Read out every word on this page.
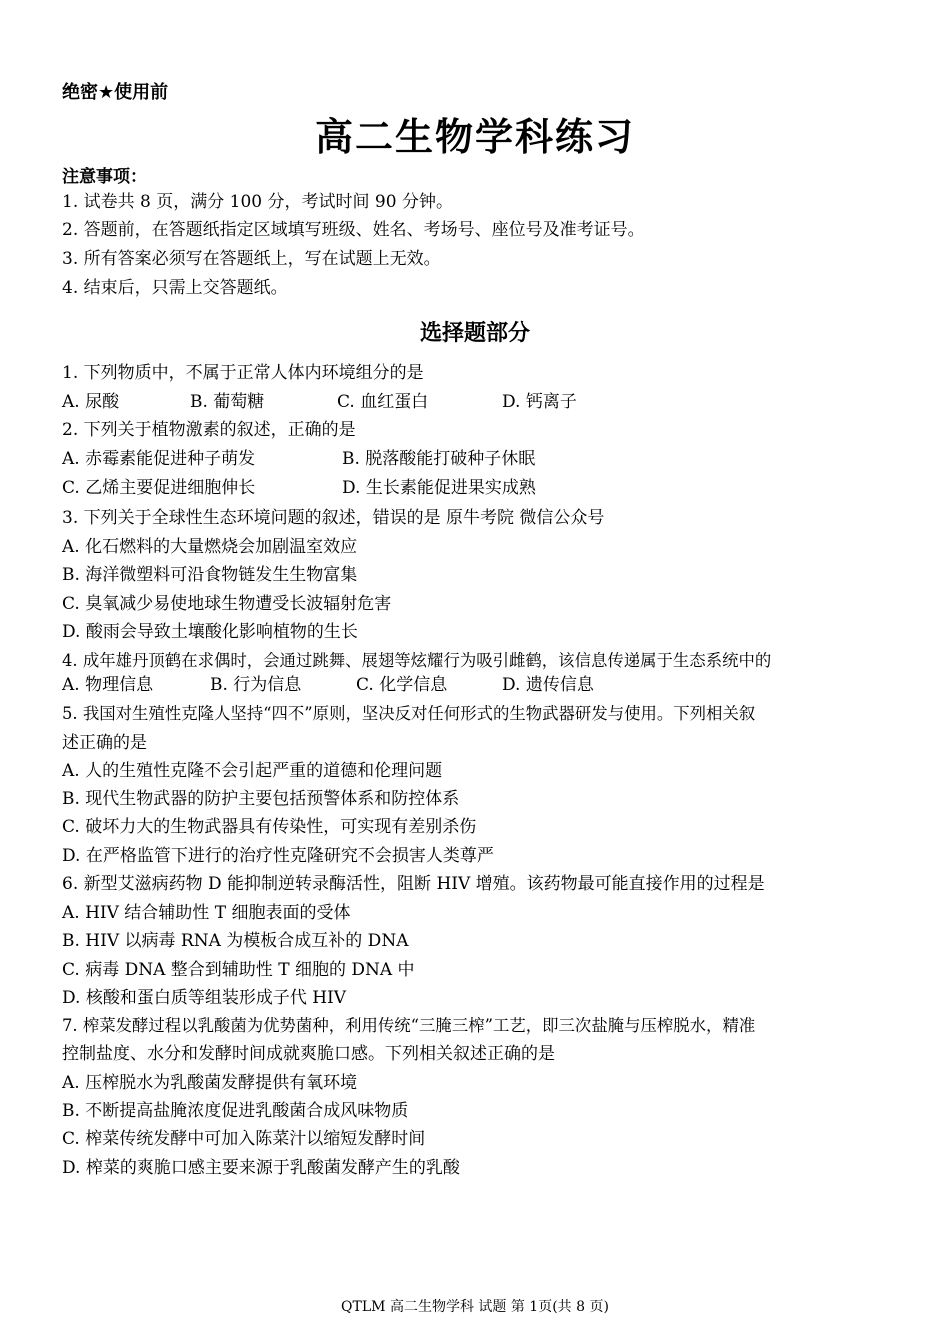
绝密★使用前
高二生物学科练习
注意事项：
1. 试卷共 8 页，满分 100 分，考试时间 90 分钟。
2. 答题前，在答题纸指定区域填写班级、姓名、考场号、座位号及准考证号。
3. 所有答案必须写在答题纸上，写在试题上无效。
4. 结束后，只需上交答题纸。
选择题部分
1. 下列物质中，不属于正常人体内环境组分的是
A. 尿酸	B. 葡萄糖	C. 血红蛋白	D. 钙离子
2. 下列关于植物激素的叙述，正确的是
A. 赤霉素能促进种子萌发	B. 脱落酸能打破种子休眠
C. 乙烯主要促进细胞伸长	D. 生长素能促进果实成熟
3. 下列关于全球性生态环境问题的叙述，错误的是 原牛考院 微信公众号
A. 化石燃料的大量燃烧会加剧温室效应
B. 海洋微塑料可沿食物链发生生物富集
C. 臭氧减少易使地球生物遭受长波辐射危害
D. 酸雨会导致土壤酸化影响植物的生长
4. 成年雄丹顶鹤在求偶时，会通过跳舞、展翅等炫耀行为吸引雌鹤，该信息传递属于生态系统中的
A. 物理信息	B. 行为信息	C. 化学信息	D. 遗传信息
5. 我国对生殖性克隆人坚持“四不”原则，坚决反对任何形式的生物武器研发与使用。下列相关叙
述正确的是
A. 人的生殖性克隆不会引起严重的道德和伦理问题
B. 现代生物武器的防护主要包括预警体系和防控体系
C. 破坏力大的生物武器具有传染性，可实现有差别杀伤
D. 在严格监管下进行的治疗性克隆研究不会损害人类尊严
6. 新型艾滋病药物 D 能抑制逆转录酶活性，阻断 HIV 增殖。该药物最可能直接作用的过程是
A. HIV 结合辅助性 T 细胞表面的受体
B. HIV 以病毒 RNA 为模板合成互补的 DNA
C. 病毒 DNA 整合到辅助性 T 细胞的 DNA 中
D. 核酸和蛋白质等组装形成子代 HIV
7. 榨菜发酵过程以乳酸菌为优势菌种，利用传统“三腌三榨”工艺，即三次盐腌与压榨脱水，精准
控制盐度、水分和发酵时间成就爽脆口感。下列相关叙述正确的是
A. 压榨脱水为乳酸菌发酵提供有氧环境
B. 不断提高盐腌浓度促进乳酸菌合成风味物质
C. 榨菜传统发酵中可加入陈菜汁以缩短发酵时间
D. 榨菜的爽脆口感主要来源于乳酸菌发酵产生的乳酸
QTLM 高二生物学科 试题 第 1页(共 8 页)
